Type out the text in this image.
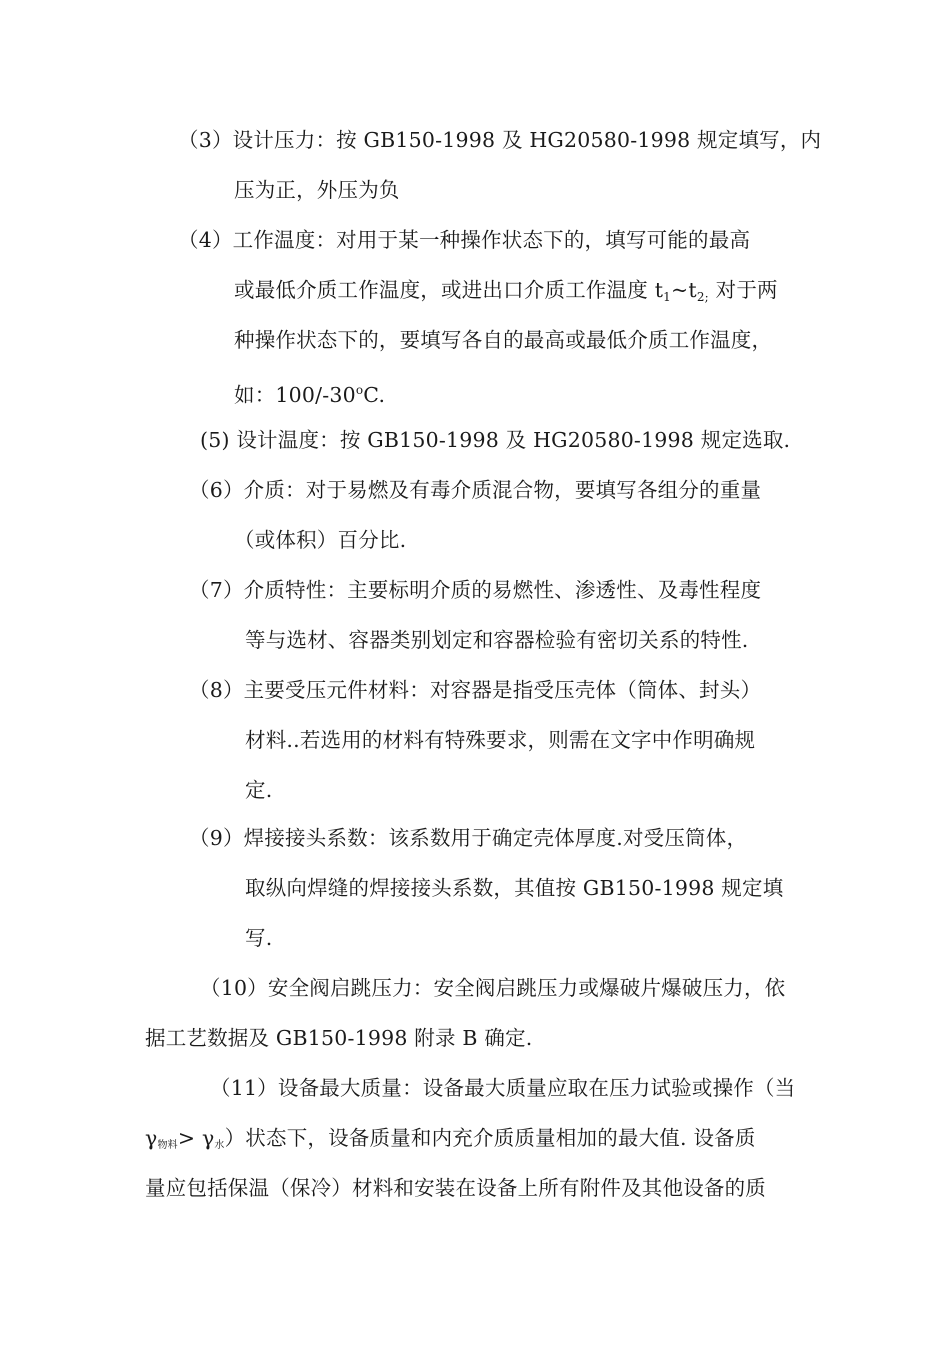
（3）设计压力：按 GB150-1998 及 HG20580-1998 规定填写，内
压为正，外压为负
（4）工作温度：对用于某一种操作状态下的，填写可能的最高
或最低介质工作温度，或进出口介质工作温度 $t_1\sim t_{2;}$ 对于两
种操作状态下的，要填写各自的最高或最低介质工作温度，
如：100/-30$^o$C.
(5) 设计温度：按 GB150-1998 及 HG20580-1998 规定选取.
（6）介质：对于易燃及有毒介质混合物，要填写各组分的重量
（或体积）百分比.
（7）介质特性：主要标明介质的易燃性、渗透性、及毒性程度
等与选材、容器类别划定和容器检验有密切关系的特性.
（8）主要受压元件材料：对容器是指受压壳体（筒体、封头）
材料..若选用的材料有特殊要求，则需在文字中作明确规
定.
（9）焊接接头系数：该系数用于确定壳体厚度.对受压筒体，
取纵向焊缝的焊接接头系数，其值按 GB150-1998 规定填
写.
（10）安全阀启跳压力：安全阀启跳压力或爆破片爆破压力，依
据工艺数据及 GB150-1998 附录 B 确定.
（11）设备最大质量：设备最大质量应取在压力试验或操作（当
$\gamma_{物料}> \gamma_水$）状态下，设备质量和内充介质质量相加的最大值. 设备质
量应包括保温（保冷）材料和安装在设备上所有附件及其他设备的质
